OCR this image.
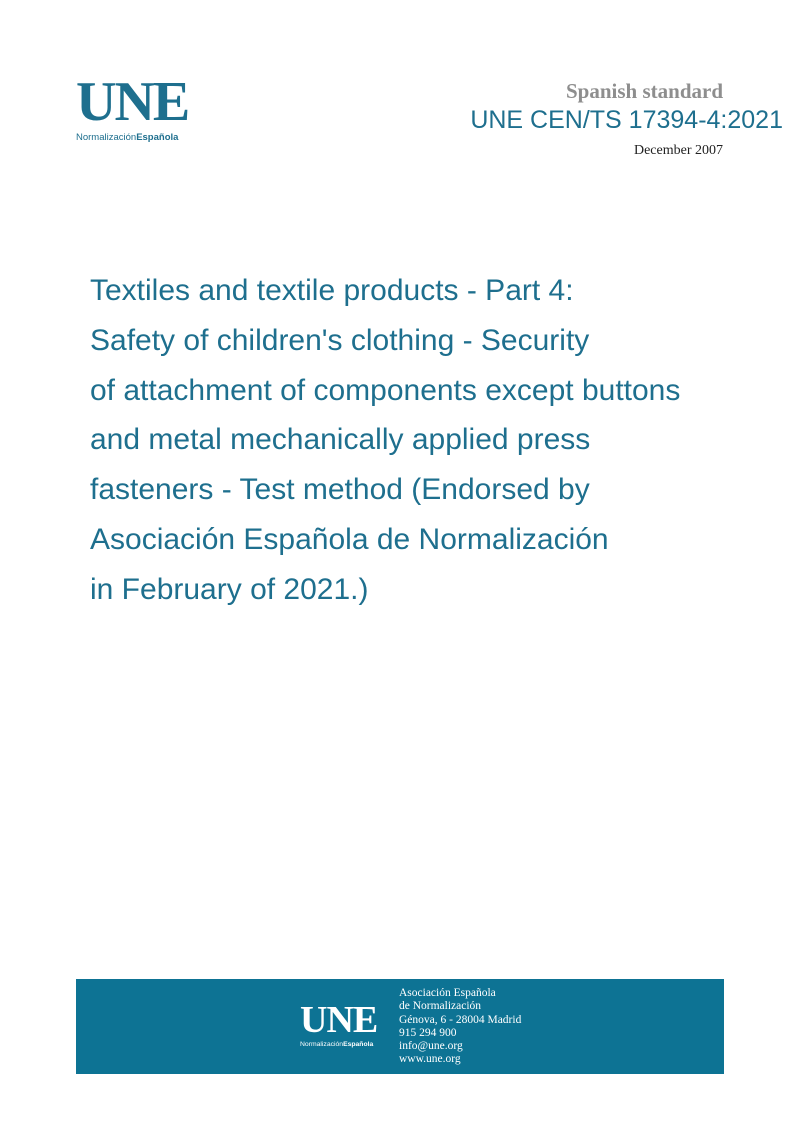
UNE
NormalizaciónEspañola
Spanish standard
UNE CEN/TS 17394-4:2021
December 2007
Textiles and textile products - Part 4:
Safety of children's clothing - Security
of attachment of components except buttons
and metal mechanically applied press
fasteners - Test method (Endorsed by
Asociación Española de Normalización
in February of 2021.)
UNE
NormalizaciónEspañola
Asociación Española
de Normalización
Génova, 6 - 28004 Madrid
915 294 900
info@une.org
www.une.org
